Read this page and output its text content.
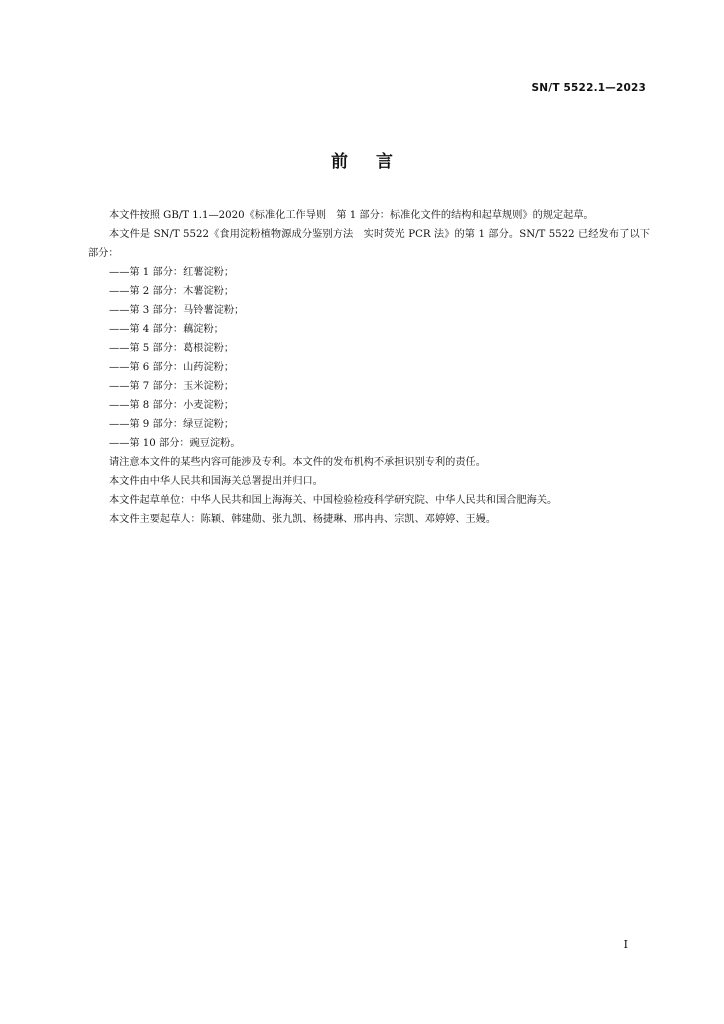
SN/T 5522.1—2023
前言

本文件按照 GB/T 1.1—2020《标准化工作导则　第 1 部分：标准化文件的结构和起草规则》的规定起草。

本文件是 SN/T 5522《食用淀粉植物源成分鉴别方法　实时荧光 PCR 法》的第 1 部分。SN/T 5522 已经发布了以下部分：

——第 1 部分：红薯淀粉；
——第 2 部分：木薯淀粉；
——第 3 部分：马铃薯淀粉；
——第 4 部分：藕淀粉；
——第 5 部分：葛根淀粉；
——第 6 部分：山药淀粉；
——第 7 部分：玉米淀粉；
——第 8 部分：小麦淀粉；
——第 9 部分：绿豆淀粉；
——第 10 部分：豌豆淀粉。

请注意本文件的某些内容可能涉及专利。本文件的发布机构不承担识别专利的责任。

本文件由中华人民共和国海关总署提出并归口。

本文件起草单位：中华人民共和国上海海关、中国检验检疫科学研究院、中华人民共和国合肥海关。

本文件主要起草人：陈颖、韩建勋、张九凯、杨捷琳、邢冉冉、宗凯、邓婷婷、王嫚。

I
